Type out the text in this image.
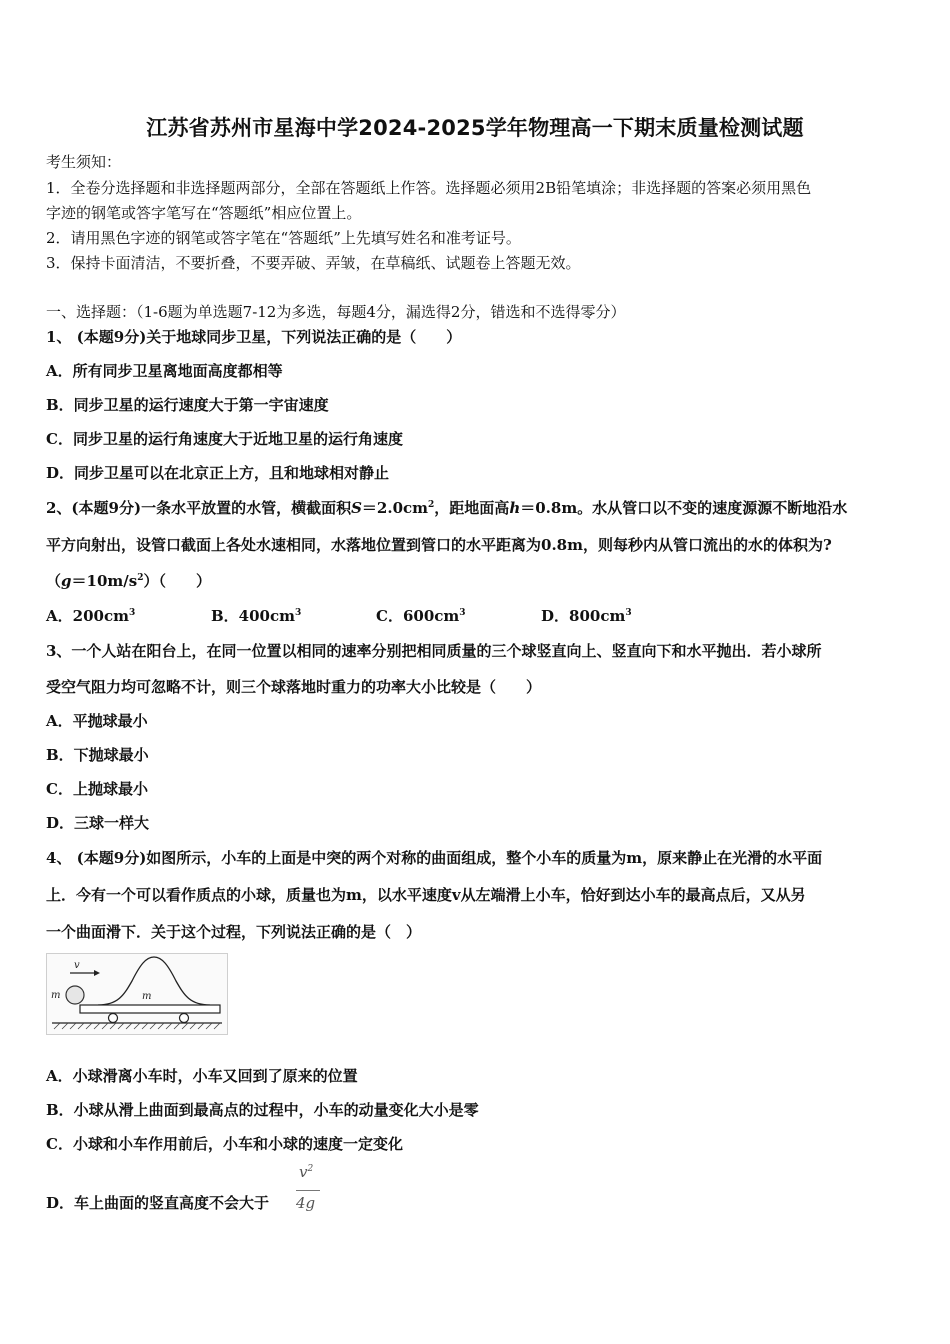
江苏省苏州市星海中学2024-2025学年物理高一下期末质量检测试题
考生须知：
1．全卷分选择题和非选择题两部分，全部在答题纸上作答。选择题必须用2B铅笔填涂；非选择题的答案必须用黑色
字迹的钢笔或答字笔写在“答题纸”相应位置上。
2．请用黑色字迹的钢笔或答字笔在“答题纸”上先填写姓名和准考证号。
3．保持卡面清洁，不要折叠，不要弄破、弄皱，在草稿纸、试题卷上答题无效。
一、选择题：（1-6题为单选题7-12为多选，每题4分，漏选得2分，错选和不选得零分）
1、 (本题9分)关于地球同步卫星，下列说法正确的是（　　）
A．所有同步卫星离地面高度都相等
B．同步卫星的运行速度大于第一宇宙速度
C．同步卫星的运行角速度大于近地卫星的运行角速度
D．同步卫星可以在北京正上方，且和地球相对静止
2、(本题9分)一条水平放置的水管，横截面积$S=2.0cm^2$，距地面高h＝0.8m。水从管口以不变的速度源源不断地沿水
平方向射出，设管口截面上各处水速相同，水落地位置到管口的水平距离为0.8m，则每秒内从管口流出的水的体积为?
$(g=10m/s^2)$（　　）
A．$200cm^3$	B．$400cm^3$	C．$600cm^3$	D．$800cm^3$
3、一个人站在阳台上，在同一位置以相同的速率分别把相同质量的三个球竖直向上、竖直向下和水平抛出．若小球所
受空气阻力均可忽略不计，则三个球落地时重力的功率大小比较是（　　）
A．平抛球最小
B．下抛球最小
C．上抛球最小
D．三球一样大
4、 (本题9分)如图所示，小车的上面是中突的两个对称的曲面组成，整个小车的质量为m，原来静止在光滑的水平面
上．今有一个可以看作质点的小球，质量也为m，以水平速度v从左端滑上小车，恰好到达小车的最高点后，又从另
一个曲面滑下．关于这个过程，下列说法正确的是（　）
v
m	m
A．小球滑离小车时，小车又回到了原来的位置
B．小球从滑上曲面到最高点的过程中，小车的动量变化大小是零
C．小球和小车作用前后，小车和小球的速度一定变化
D．车上曲面的竖直高度不会大于
$v^2$
4g
